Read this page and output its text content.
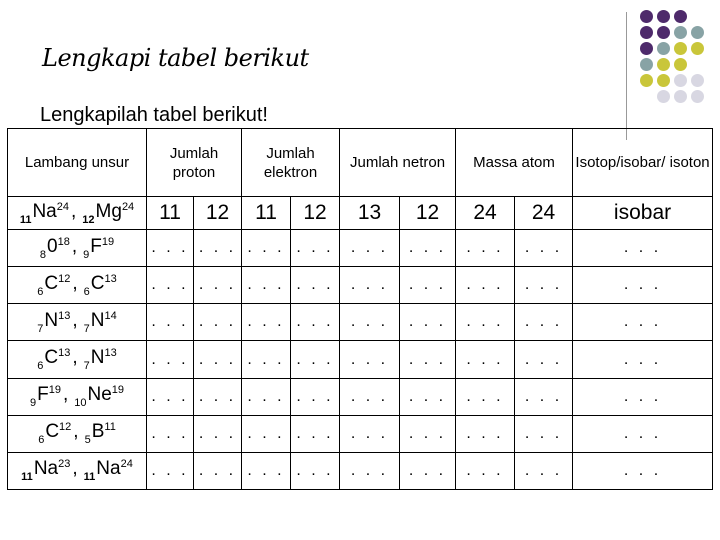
Lengkapi tabel berikut
Lengkapilah tabel berikut!
Lambang unsur	Jumlah proton		Jumlah elektron		Jumlah netron		Massa atom		Isotop/isobar/ isoton
$_{11}Na^{24}$ , $_{12}Mg^{24}$	11	12	11	12	13	12	24	24	isobar
$_80^{18}$ , $_9F^{19}$	. . .	. . .	. . .	. . .	. . .	. . .	. . .	. . .	. . .
$_6C^{12}$ , $_6C^{13}$	. . .	. . .	. . .	. . .	. . .	. . .	. . .	. . .	. . .
$_7N^{13}$ , $_7N^{14}$	. . .	. . .	. . .	. . .	. . .	. . .	. . .	. . .	. . .
$_6C^{13}$ , $_7N^{13}$	. . .	. . .	. . .	. . .	. . .	. . .	. . .	. . .	. . .
$_9F^{19}$ , $_{10}Ne^{19}$	. . .	. . .	. . .	. . .	. . .	. . .	. . .	. . .	. . .
$_6C^{12}$ , $_5B^{11}$	. . .	. . .	. . .	. . .	. . .	. . .	. . .	. . .	. . .
$_{11}Na^{23}$ , $_{11}Na^{24}$	. . .	. . .	. . .	. . .	. . .	. . .	. . .	. . .	. . .
